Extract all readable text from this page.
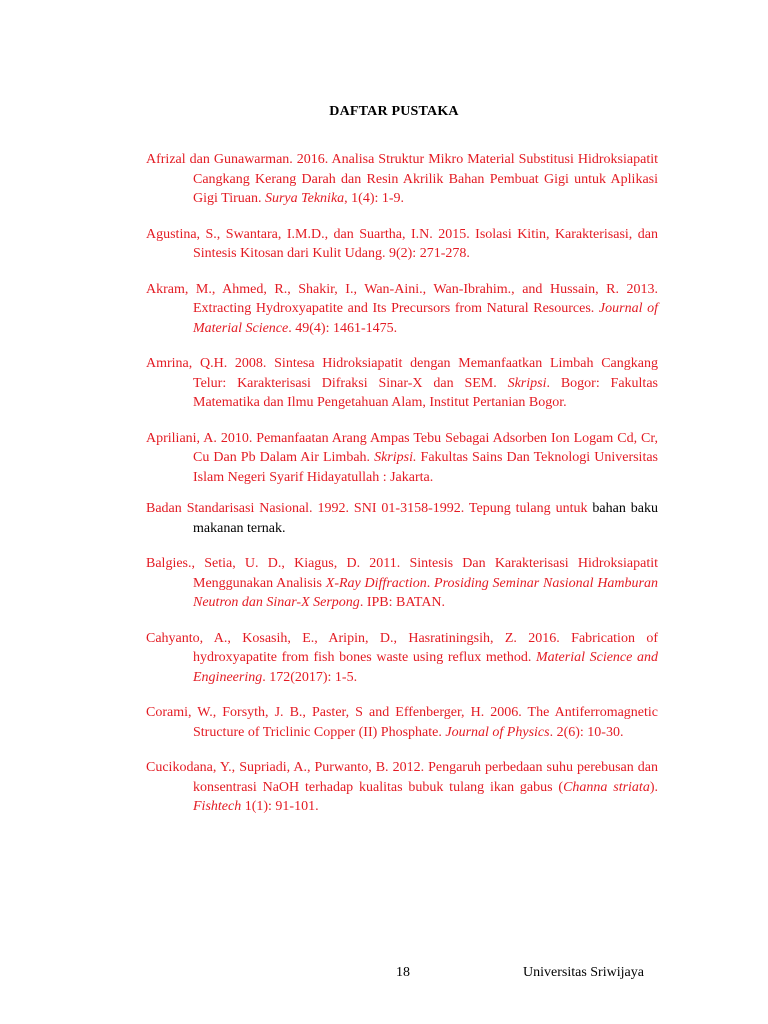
DAFTAR PUSTAKA

Afrizal dan Gunawarman. 2016. Analisa Struktur Mikro Material Substitusi Hidroksiapatit Cangkang Kerang Darah dan Resin Akrilik Bahan Pembuat Gigi untuk Aplikasi Gigi Tiruan. Surya Teknika, 1(4): 1-9.

Agustina, S., Swantara, I.M.D., dan Suartha, I.N. 2015. Isolasi Kitin, Karakterisasi, dan Sintesis Kitosan dari Kulit Udang. 9(2): 271-278.

Akram, M., Ahmed, R., Shakir, I., Wan-Aini., Wan-Ibrahim., and Hussain, R. 2013. Extracting Hydroxyapatite and Its Precursors from Natural Resources. Journal of Material Science. 49(4): 1461-1475.

Amrina, Q.H. 2008. Sintesa Hidroksiapatit dengan Memanfaatkan Limbah Cangkang Telur: Karakterisasi Difraksi Sinar-X dan SEM. Skripsi. Bogor: Fakultas Matematika dan Ilmu Pengetahuan Alam, Institut Pertanian Bogor.

Apriliani, A. 2010. Pemanfaatan Arang Ampas Tebu Sebagai Adsorben Ion Logam Cd, Cr, Cu Dan Pb Dalam Air Limbah. Skripsi. Fakultas Sains Dan Teknologi Universitas Islam Negeri Syarif Hidayatullah : Jakarta.

Badan Standarisasi Nasional. 1992. SNI 01-3158-1992. Tepung tulang untuk bahan baku makanan ternak.

Balgies., Setia, U. D., Kiagus, D. 2011. Sintesis Dan Karakterisasi Hidroksiapatit Menggunakan Analisis X-Ray Diffraction. Prosiding Seminar Nasional Hamburan Neutron dan Sinar-X Serpong. IPB: BATAN.

Cahyanto, A., Kosasih, E., Aripin, D., Hasratiningsih, Z. 2016. Fabrication of hydroxyapatite from fish bones waste using reflux method. Material Science and Engineering. 172(2017): 1-5.

Corami, W., Forsyth, J. B., Paster, S and Effenberger, H. 2006. The Antiferromagnetic Structure of Triclinic Copper (II) Phosphate. Journal of Physics. 2(6): 10-30.

Cucikodana, Y., Supriadi, A., Purwanto, B. 2012. Pengaruh perbedaan suhu perebusan dan konsentrasi NaOH terhadap kualitas bubuk tulang ikan gabus (Channa striata). Fishtech 1(1): 91-101.

18	Universitas Sriwijaya
